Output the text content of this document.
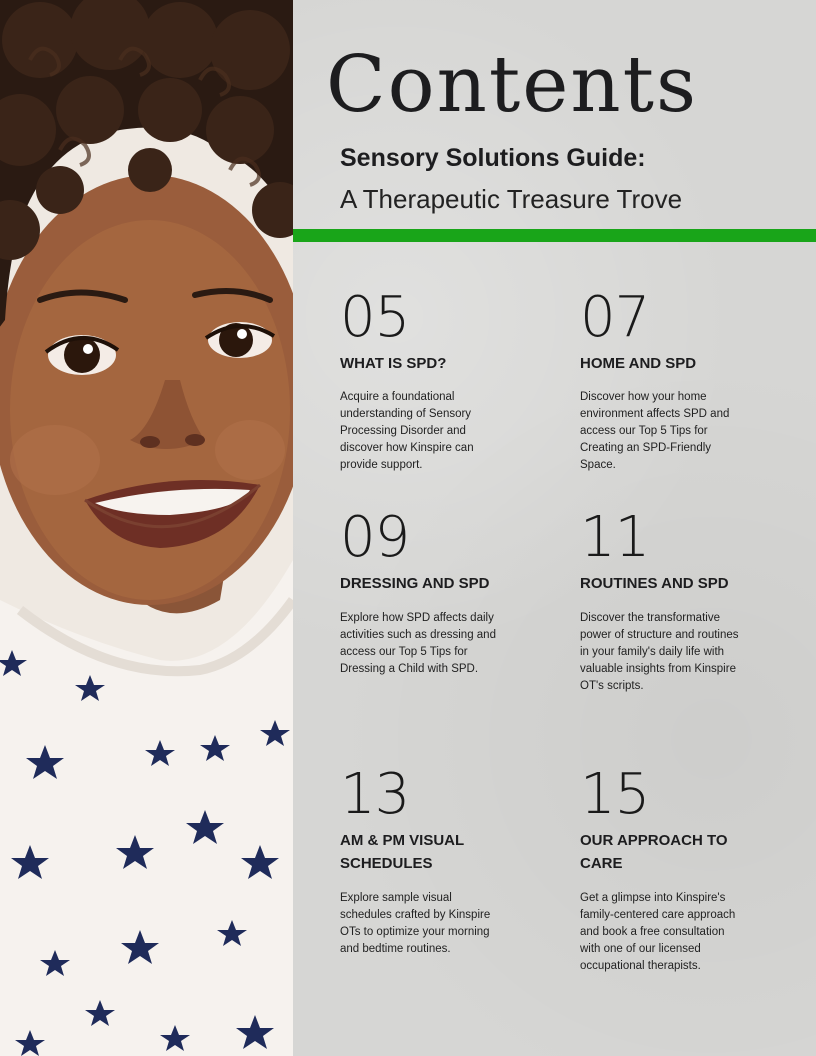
Contents
Sensory Solutions Guide:

A Therapeutic Treasure Trove

05

WHAT IS SPD?

Acquire a foundational understanding of Sensory Processing Disorder and discover how Kinspire can provide support.

07

HOME AND SPD

Discover how your home environment affects SPD and access our Top 5 Tips for Creating an SPD-Friendly Space.

09

DRESSING AND SPD

Explore how SPD affects daily activities such as dressing and access our Top 5 Tips for Dressing a Child with SPD.

11

ROUTINES AND SPD

Discover the transformative power of structure and routines in your family's daily life with valuable insights from Kinspire OT's scripts.

13

AM & PM VISUAL SCHEDULES

Explore sample visual schedules crafted by Kinspire OTs to optimize your morning and bedtime routines.

15

OUR APPROACH TO CARE

Get a glimpse into Kinspire's family-centered care approach and book a free consultation with one of our licensed occupational therapists.
